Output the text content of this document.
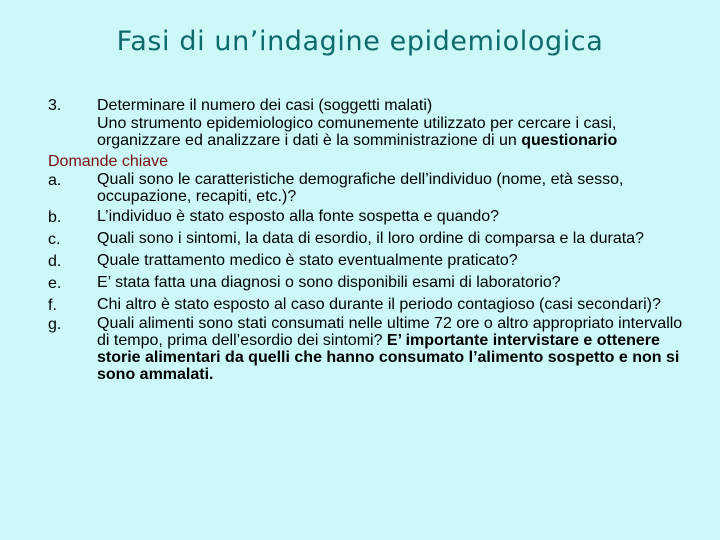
Fasi di un’indagine epidemiologica
3.	Determinare il numero dei casi (soggetti malati)
Uno strumento epidemiologico comunemente utilizzato per cercare i casi, organizzare ed analizzare i dati è la somministrazione di un questionario
Domande chiave
a.	Quali sono le caratteristiche demografiche dell’individuo (nome, età sesso, occupazione, recapiti, etc.)?
b.	L’individuo è stato esposto alla fonte sospetta e quando?
c.	Quali sono i sintomi, la data di esordio, il loro ordine di comparsa e la durata?
d.	Quale trattamento medico è stato eventualmente praticato?
e.	E’ stata fatta una diagnosi o sono disponibili esami di laboratorio?
f.	Chi altro è stato esposto al caso durante il periodo contagioso (casi secondari)?
g.	Quali alimenti sono stati consumati nelle ultime 72 ore o altro appropriato intervallo di tempo, prima dell’esordio dei sintomi? E’ importante intervistare e ottenere storie alimentari da quelli che hanno consumato l’alimento sospetto e non si sono ammalati.
